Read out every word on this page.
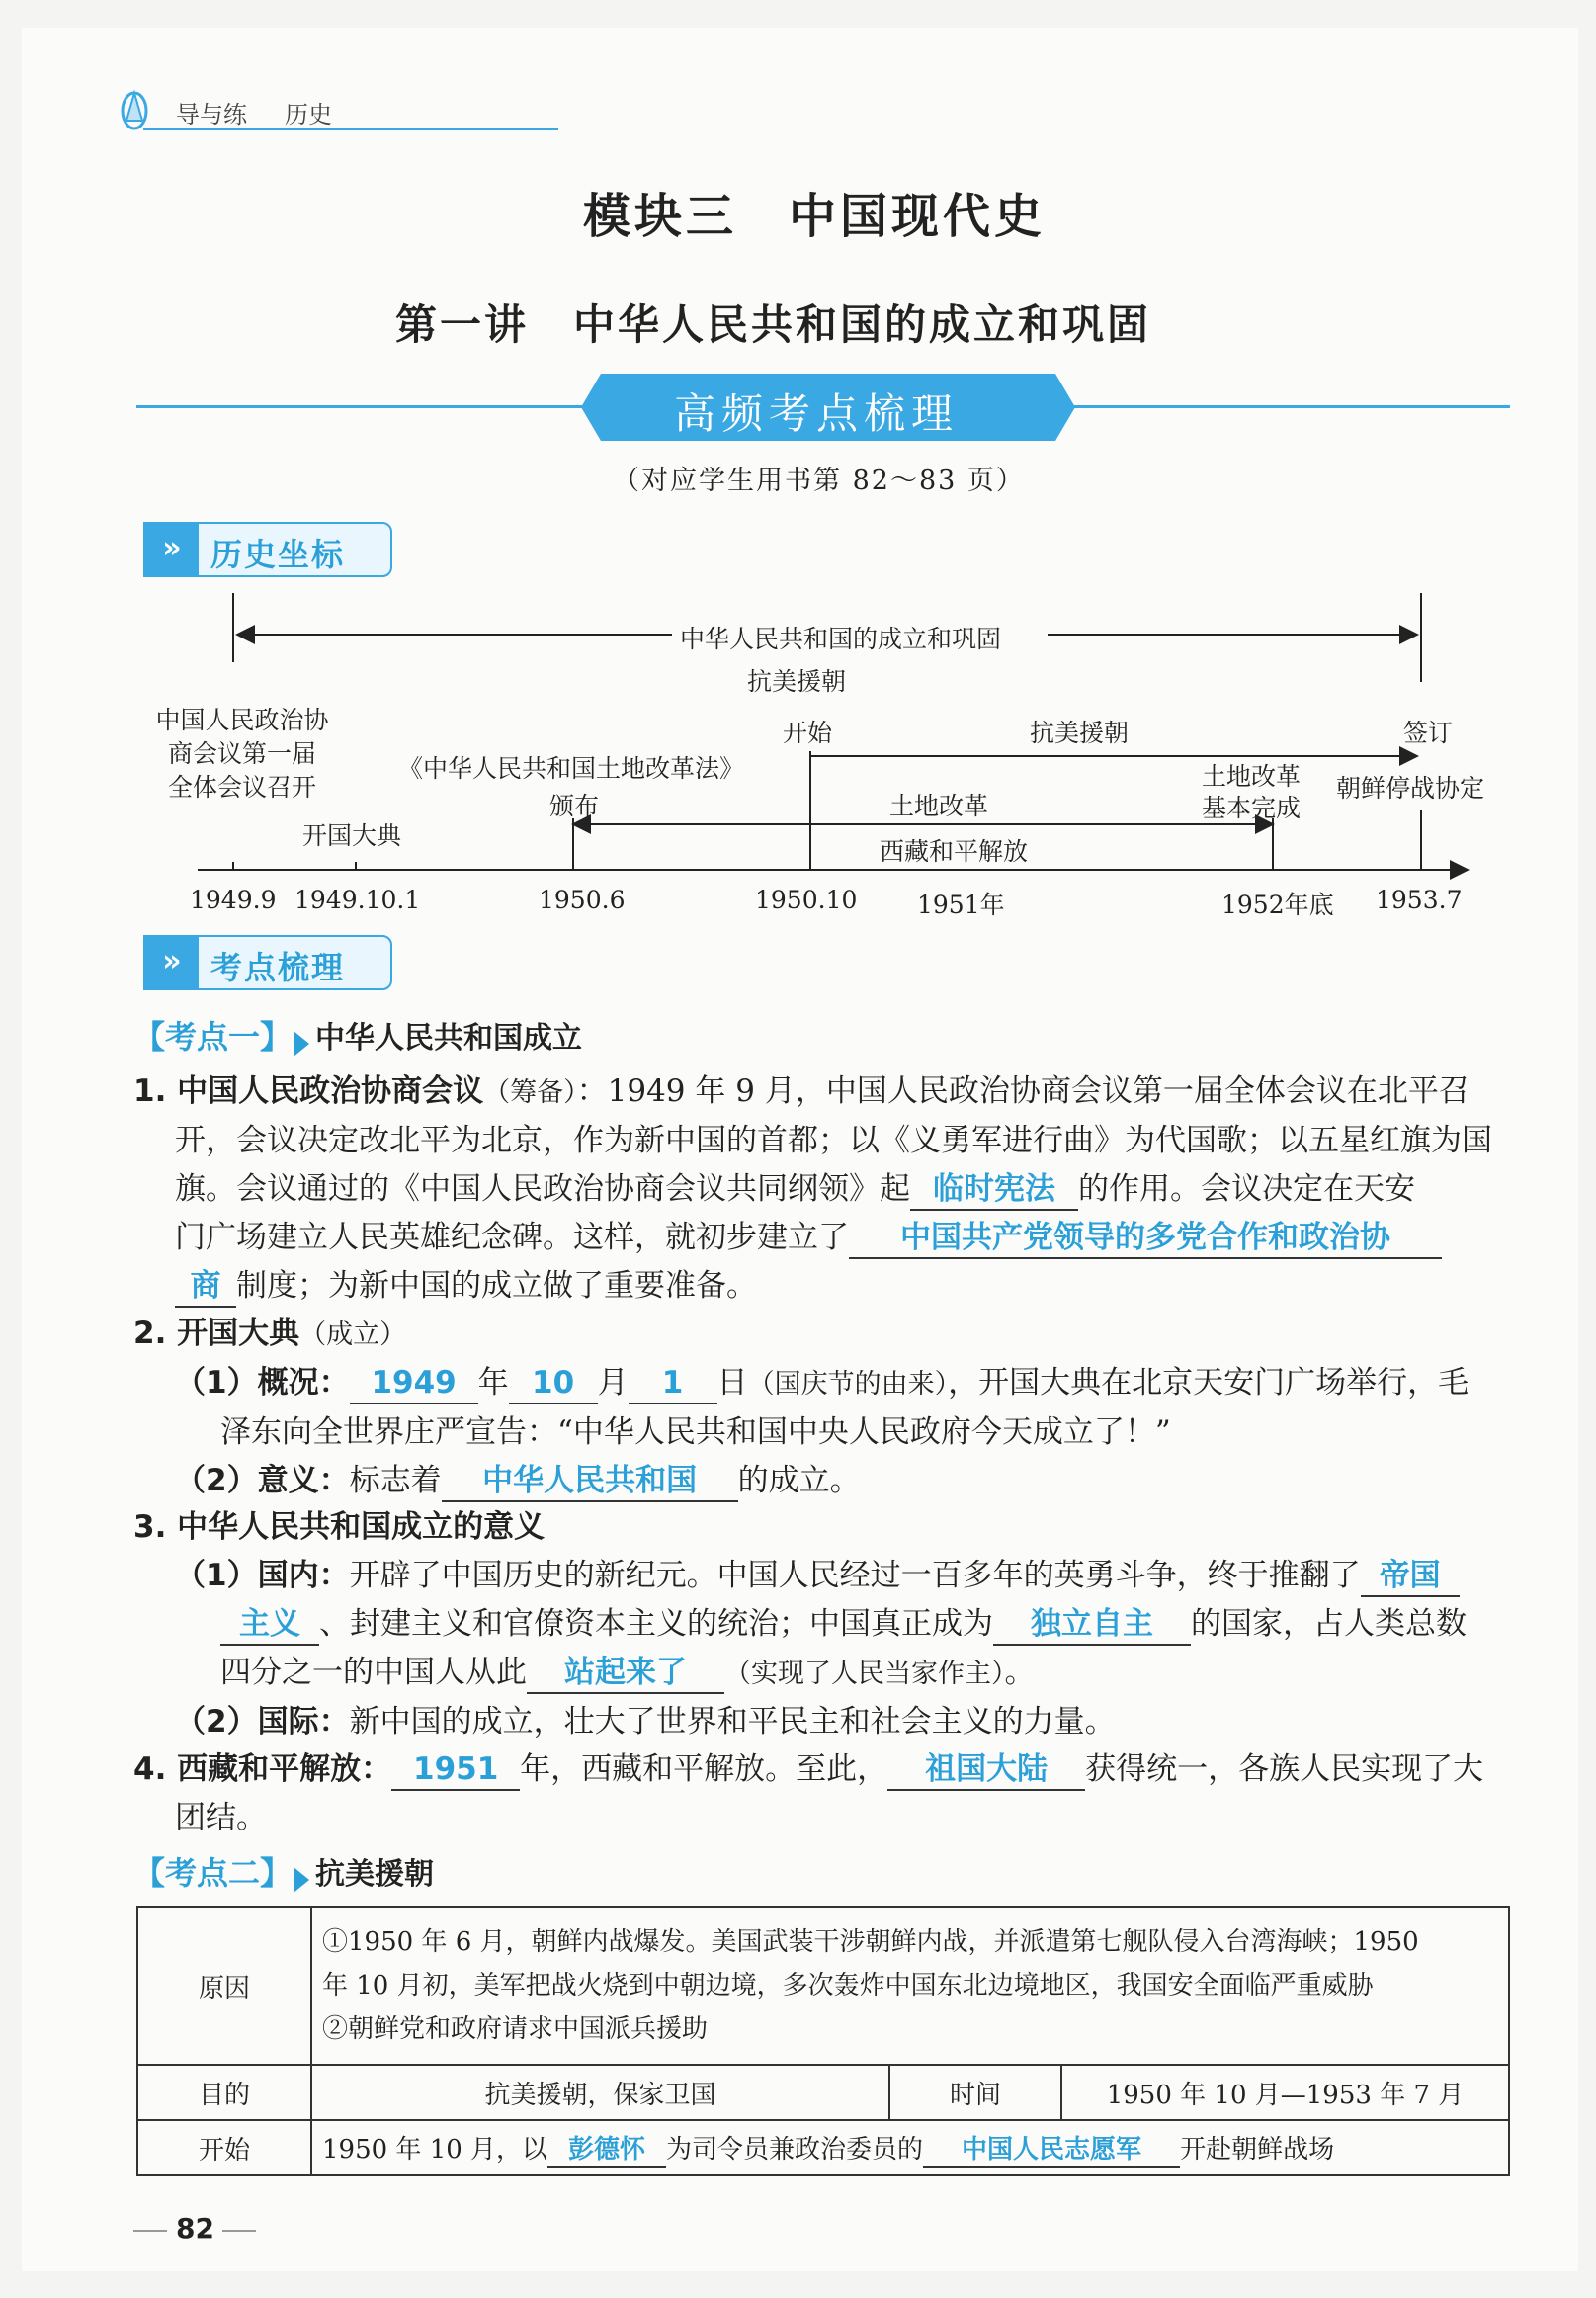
导与练 历史
模块三　中国现代史
第一讲　中华人民共和国的成立和巩固
高频考点梳理
（对应学生用书第 82～83 页）
» 历史坐标
中华人民共和国的成立和巩固
抗美援朝
中国人民政治协
商会议第一届
全体会议召开
开国大典
《中华人民共和国土地改革法》
颁布
开始	抗美援朝	签订
土地改革
土地改革
基本完成
朝鲜停战协定
西藏和平解放
1949.9 1949.10.1	1950.6	1950.10 1951年	1952年底 1953.7
» 考点梳理
【考点一】 中华人民共和国成立
1. 中国人民政治协商会议（筹备）：1949 年 9 月，中国人民政治协商会议第一届全体会议在北平召
开，会议决定改北平为北京，作为新中国的首都；以《义勇军进行曲》为代国歌；以五星红旗为国
旗。会议通过的《中国人民政治协商会议共同纲领》起 临时宪法 的作用。会议决定在天安
门广场建立人民英雄纪念碑。这样，就初步建立了 中国共产党领导的多党合作和政治协
商 制度；为新中国的成立做了重要准备。
2. 开国大典（成立）
（1）概况： 1949 年 10 月 1 日（国庆节的由来），开国大典在北京天安门广场举行，毛
泽东向全世界庄严宣告：“中华人民共和国中央人民政府今天成立了！”
（2）意义：标志着 中华人民共和国 的成立。
3. 中华人民共和国成立的意义
（1）国内：开辟了中国历史的新纪元。中国人民经过一百多年的英勇斗争，终于推翻了 帝国
主义 、封建主义和官僚资本主义的统治；中国真正成为 独立自主 的国家，占人类总数
四分之一的中国人从此 站起来了 （实现了人民当家作主）。
（2）国际：新中国的成立，壮大了世界和平民主和社会主义的力量。
4. 西藏和平解放： 1951 年，西藏和平解放。至此， 祖国大陆 获得统一，各族人民实现了大
团结。
【考点二】 抗美援朝
原因	①1950 年 6 月，朝鲜内战爆发。美国武装干涉朝鲜内战，并派遣第七舰队侵入台湾海峡；1950
年 10 月初，美军把战火烧到中朝边境，多次轰炸中国东北边境地区，我国安全面临严重威胁
②朝鲜党和政府请求中国派兵援助		

目的	抗美援朝，保家卫国	时间	1950 年 10 月—1953 年 7 月
开始	1950 年 10 月，以 彭德怀 为司令员兼政治委员的 中国人民志愿军 开赴朝鲜战场		
82
